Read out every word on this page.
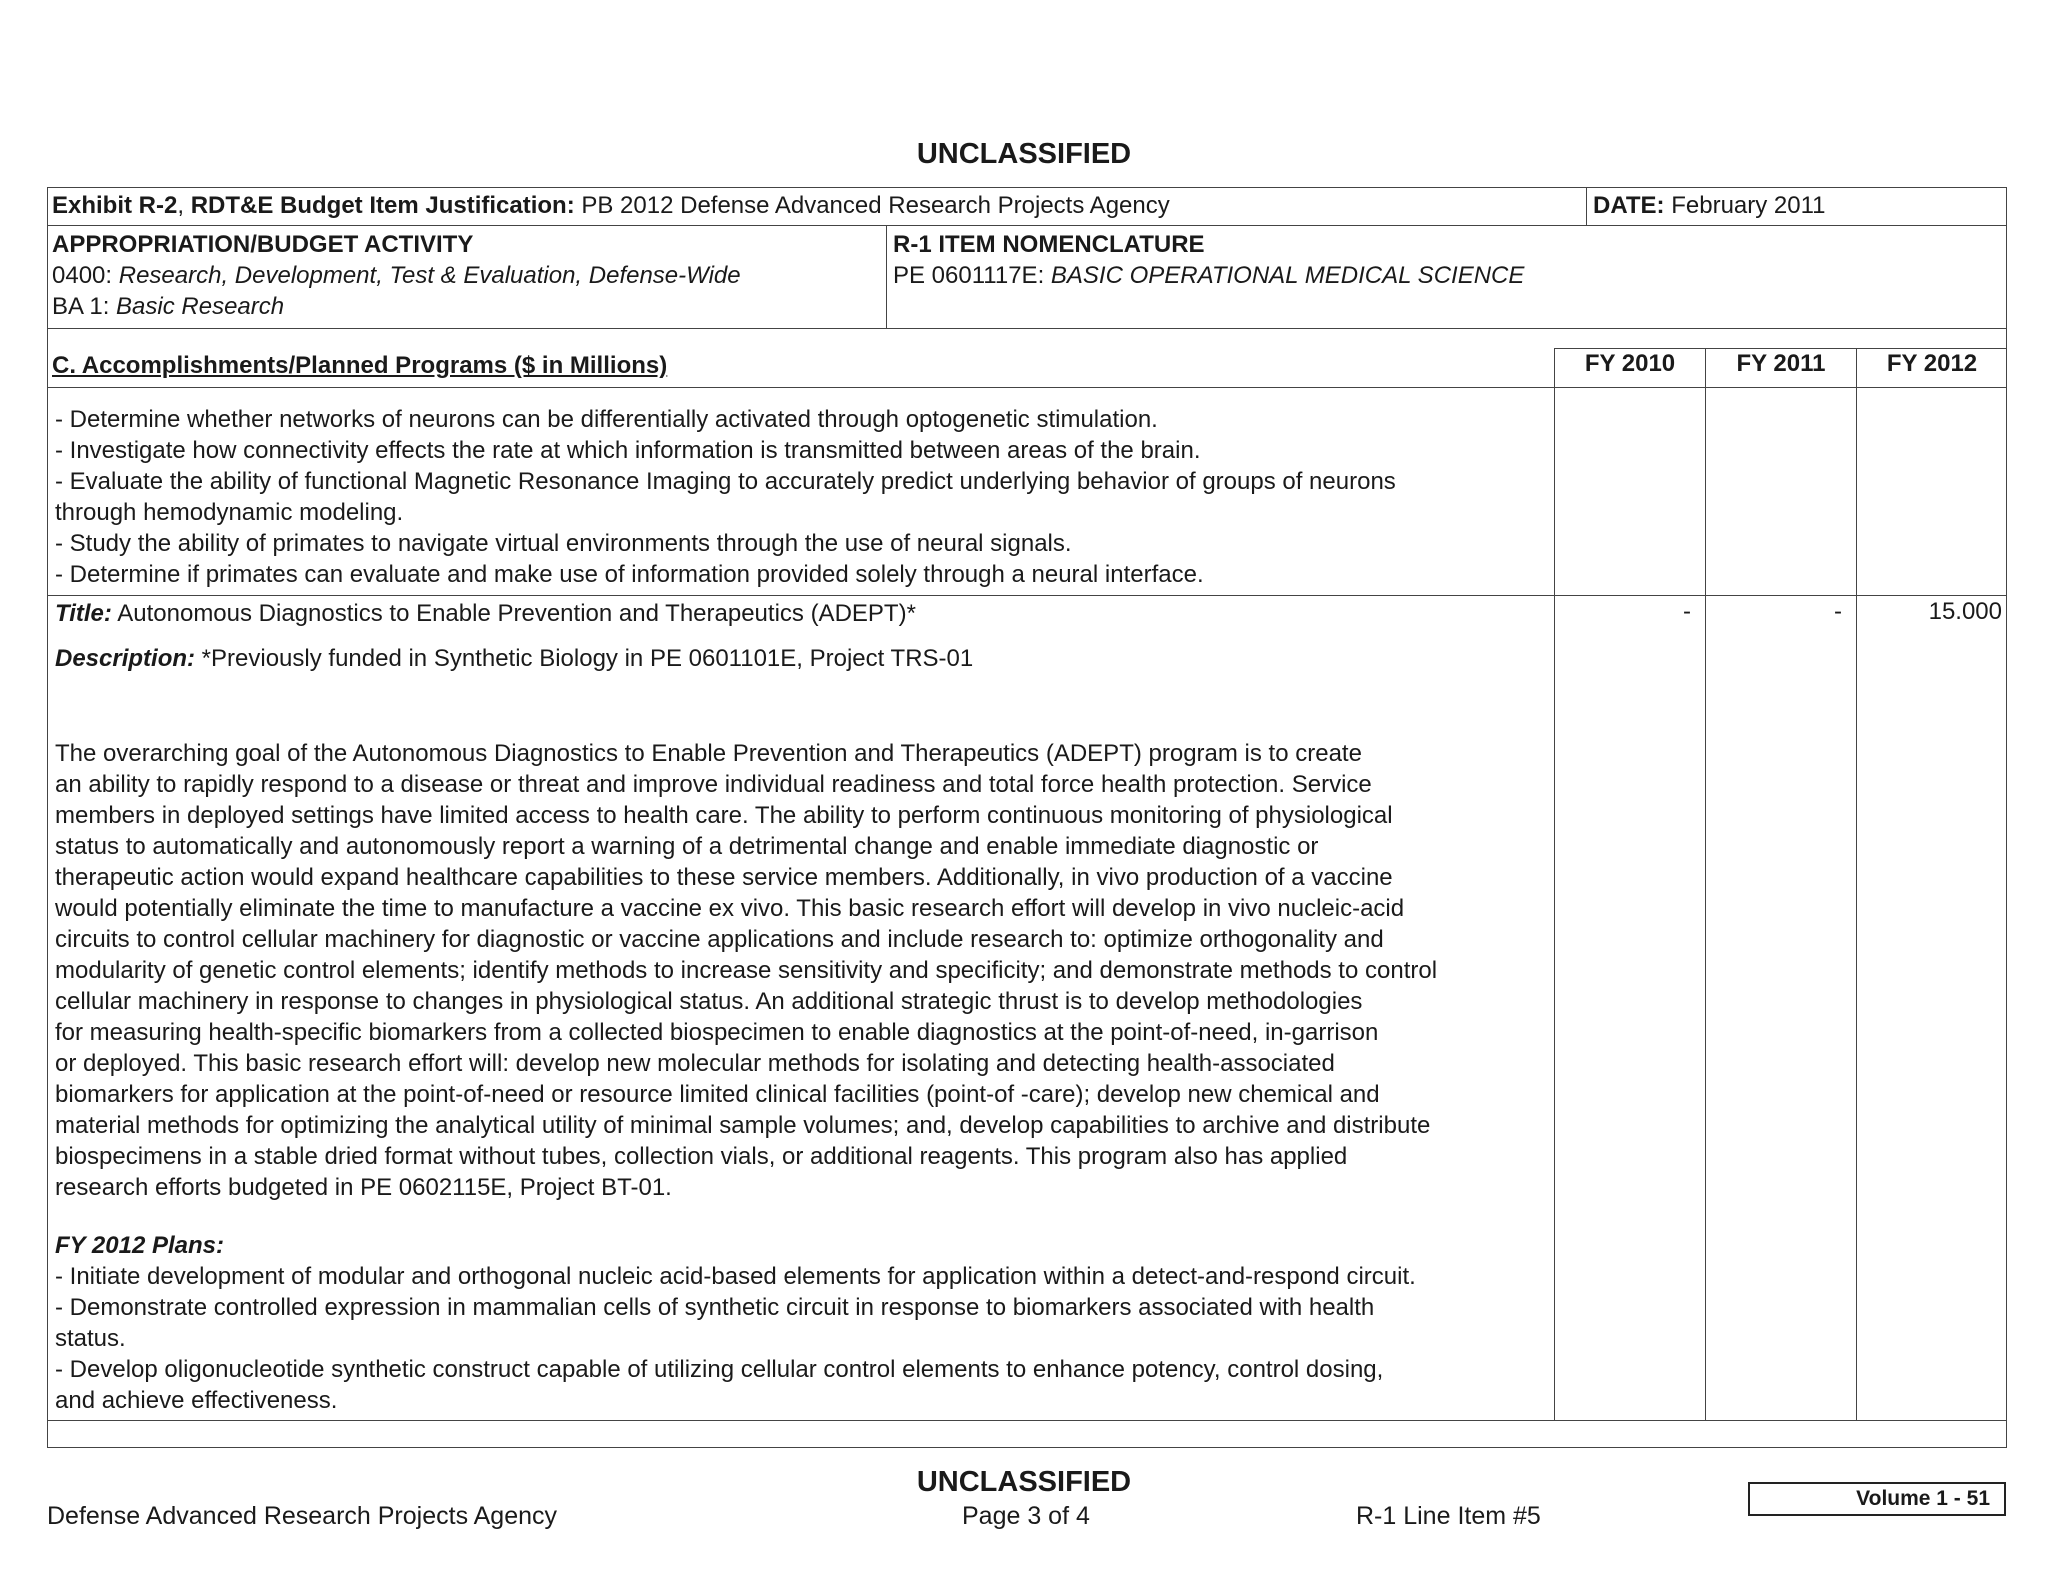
UNCLASSIFIED
Exhibit R-2, RDT&E Budget Item Justification: PB 2012 Defense Advanced Research Projects Agency	DATE: February 2011
APPROPRIATION/BUDGET ACTIVITY
0400: Research, Development, Test & Evaluation, Defense-Wide
BA 1: Basic Research
R-1 ITEM NOMENCLATURE
PE 0601117E: BASIC OPERATIONAL MEDICAL SCIENCE
C. Accomplishments/Planned Programs ($ in Millions)	FY 2010	FY 2011	FY 2012
- Determine whether networks of neurons can be differentially activated through optogenetic stimulation.
- Investigate how connectivity effects the rate at which information is transmitted between areas of the brain.
- Evaluate the ability of functional Magnetic Resonance Imaging to accurately predict underlying behavior of groups of neurons
through hemodynamic modeling.
- Study the ability of primates to navigate virtual environments through the use of neural signals.
- Determine if primates can evaluate and make use of information provided solely through a neural interface.
Title: Autonomous Diagnostics to Enable Prevention and Therapeutics (ADEPT)*	-	-	15.000
Description: *Previously funded in Synthetic Biology in PE 0601101E, Project TRS-01
The overarching goal of the Autonomous Diagnostics to Enable Prevention and Therapeutics (ADEPT) program is to create
an ability to rapidly respond to a disease or threat and improve individual readiness and total force health protection. Service
members in deployed settings have limited access to health care. The ability to perform continuous monitoring of physiological
status to automatically and autonomously report a warning of a detrimental change and enable immediate diagnostic or
therapeutic action would expand healthcare capabilities to these service members. Additionally, in vivo production of a vaccine
would potentially eliminate the time to manufacture a vaccine ex vivo. This basic research effort will develop in vivo nucleic-acid
circuits to control cellular machinery for diagnostic or vaccine applications and include research to: optimize orthogonality and
modularity of genetic control elements; identify methods to increase sensitivity and specificity; and demonstrate methods to control
cellular machinery in response to changes in physiological status. An additional strategic thrust is to develop methodologies
for measuring health-specific biomarkers from a collected biospecimen to enable diagnostics at the point-of-need, in-garrison
or deployed. This basic research effort will: develop new molecular methods for isolating and detecting health-associated
biomarkers for application at the point-of-need or resource limited clinical facilities (point-of -care); develop new chemical and
material methods for optimizing the analytical utility of minimal sample volumes; and, develop capabilities to archive and distribute
biospecimens in a stable dried format without tubes, collection vials, or additional reagents. This program also has applied
research efforts budgeted in PE 0602115E, Project BT-01.
FY 2012 Plans:
- Initiate development of modular and orthogonal nucleic acid-based elements for application within a detect-and-respond circuit.
- Demonstrate controlled expression in mammalian cells of synthetic circuit in response to biomarkers associated with health
status.
- Develop oligonucleotide synthetic construct capable of utilizing cellular control elements to enhance potency, control dosing,
and achieve effectiveness.
UNCLASSIFIED
Defense Advanced Research Projects Agency	Page 3 of 4	R-1 Line Item #5
Volume 1 - 51
